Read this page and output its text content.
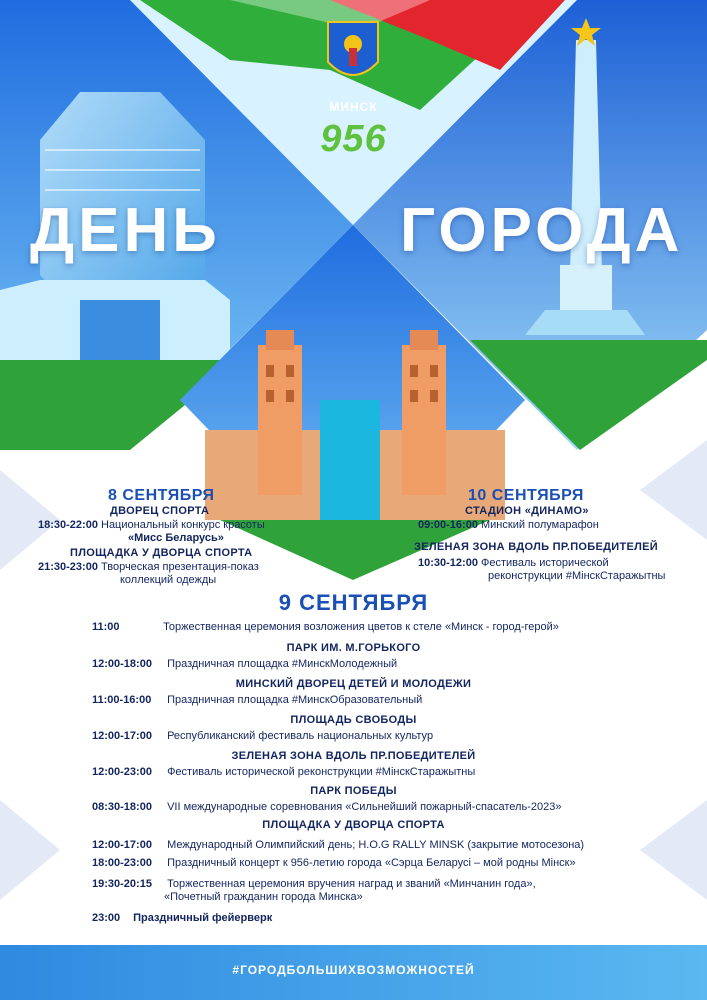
МИНСК
956
ДЕНЬ	ГОРОДА
8 СЕНТЯБРЯ
ДВОРЕЦ СПОРТА
18:30-22:00 Национальный конкурс красоты
«Мисс Беларусь»
ПЛОЩАДКА У ДВОРЦА СПОРТА
21:30-23:00 Творческая презентация-показ
коллекций одежды
10 СЕНТЯБРЯ
СТАДИОН «ДИНАМО»
09:00-16:00 Минский полумарафон
ЗЕЛЕНАЯ ЗОНА ВДОЛЬ ПР.ПОБЕДИТЕЛЕЙ
10:30-12:00 Фестиваль исторической
реконструкции #МінскСтаражытны
9 СЕНТЯБРЯ
11:00	Торжественная церемония возложения цветов к стеле «Минск - город-герой»
ПАРК ИМ. М.ГОРЬКОГО
12:00-18:00 Праздничная площадка #МинскМолодежный
МИНСКИЙ ДВОРЕЦ ДЕТЕЙ И МОЛОДЕЖИ
11:00-16:00 Праздничная площадка #МинскОбразовательный
ПЛОЩАДЬ СВОБОДЫ
12:00-17:00 Республиканский фестиваль национальных культур
ЗЕЛЕНАЯ ЗОНА ВДОЛЬ ПР.ПОБЕДИТЕЛЕЙ
12:00-23:00 Фестиваль исторической реконструкции #МінскСтаражытны
ПАРК ПОБЕДЫ
08:30-18:00 VII международные соревнования «Сильнейший пожарный-спасатель-2023»
ПЛОЩАДКА У ДВОРЦА СПОРТА
12:00-17:00 Международный Олимпийский день; H.O.G RALLY MINSK (закрытие мотосезона)
18:00-23:00 Праздничный концерт к 956-летию города «Сэрца Беларусі – мой родны Мінск»
19:30-20:15 Торжественная церемония вручения наград и званий «Минчанин года»,
«Почетный гражданин города Минска»
23:00 Праздничный фейерверк
#ГОРОДБОЛЬШИХВОЗМОЖНОСТЕЙ
